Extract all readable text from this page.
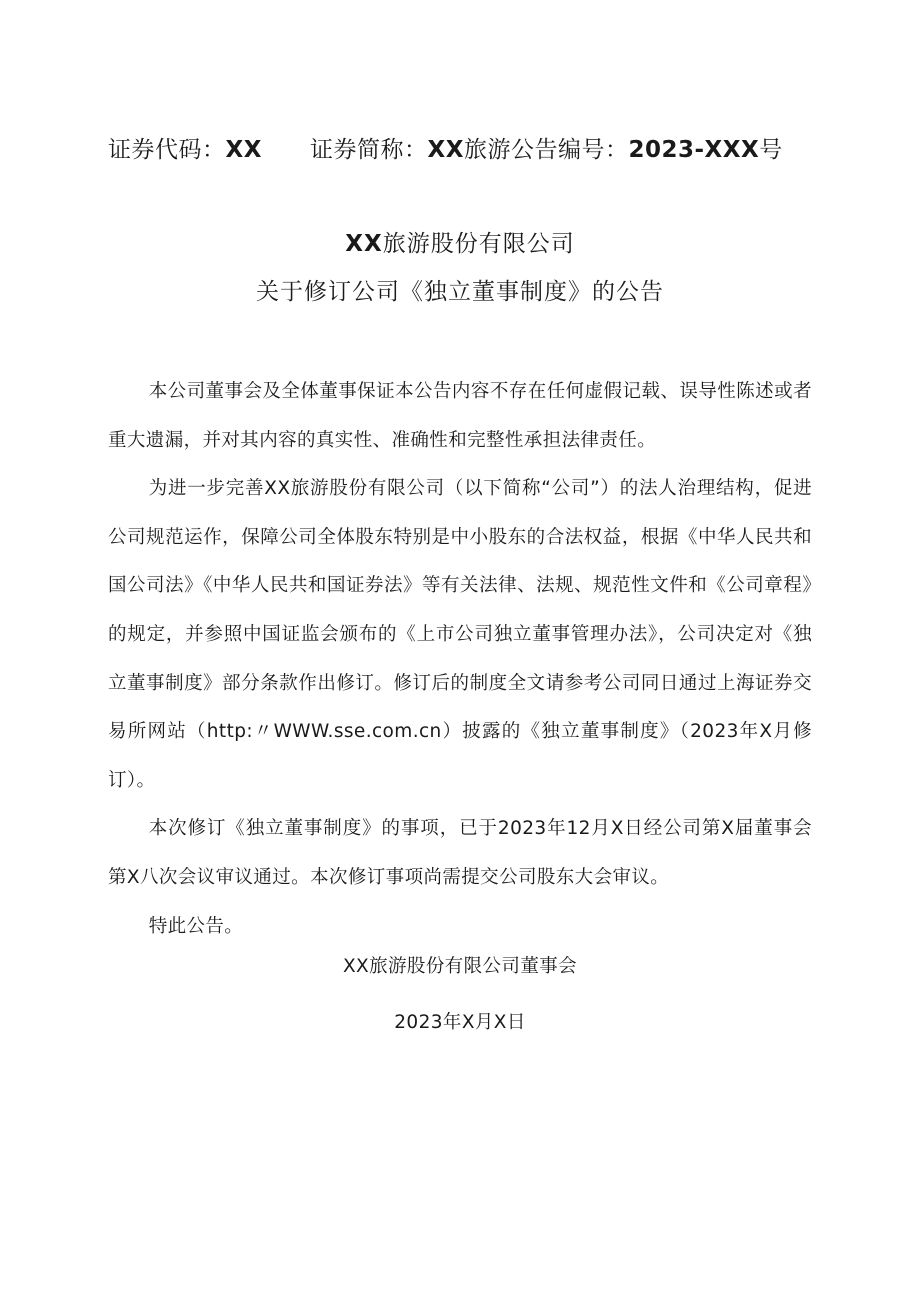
证券代码：XX 证券简称：XX旅游公告编号：2023-XXX号
XX旅游股份有限公司
关于修订公司《独立董事制度》的公告

本公司董事会及全体董事保证本公告内容不存在任何虚假记载、误导性陈述或者重大遗漏，并对其内容的真实性、准确性和完整性承担法律责任。

为进一步完善XX旅游股份有限公司（以下简称“公司”）的法人治理结构，促进公司规范运作，保障公司全体股东特别是中小股东的合法权益，根据《中华人民共和国公司法》《中华人民共和国证券法》等有关法律、法规、规范性文件和《公司章程》的规定，并参照中国证监会颁布的《上市公司独立董事管理办法》，公司决定对《独立董事制度》部分条款作出修订。修订后的制度全文请参考公司同日通过上海证券交易所网站（http:〃WWW.sse.com.cn）披露的《独立董事制度》（2023年X月修订）。

本次修订《独立董事制度》的事项，已于2023年12月X日经公司第X届董事会第X八次会议审议通过。本次修订事项尚需提交公司股东大会审议。

特此公告。

XX旅游股份有限公司董事会
2023年X月X日
